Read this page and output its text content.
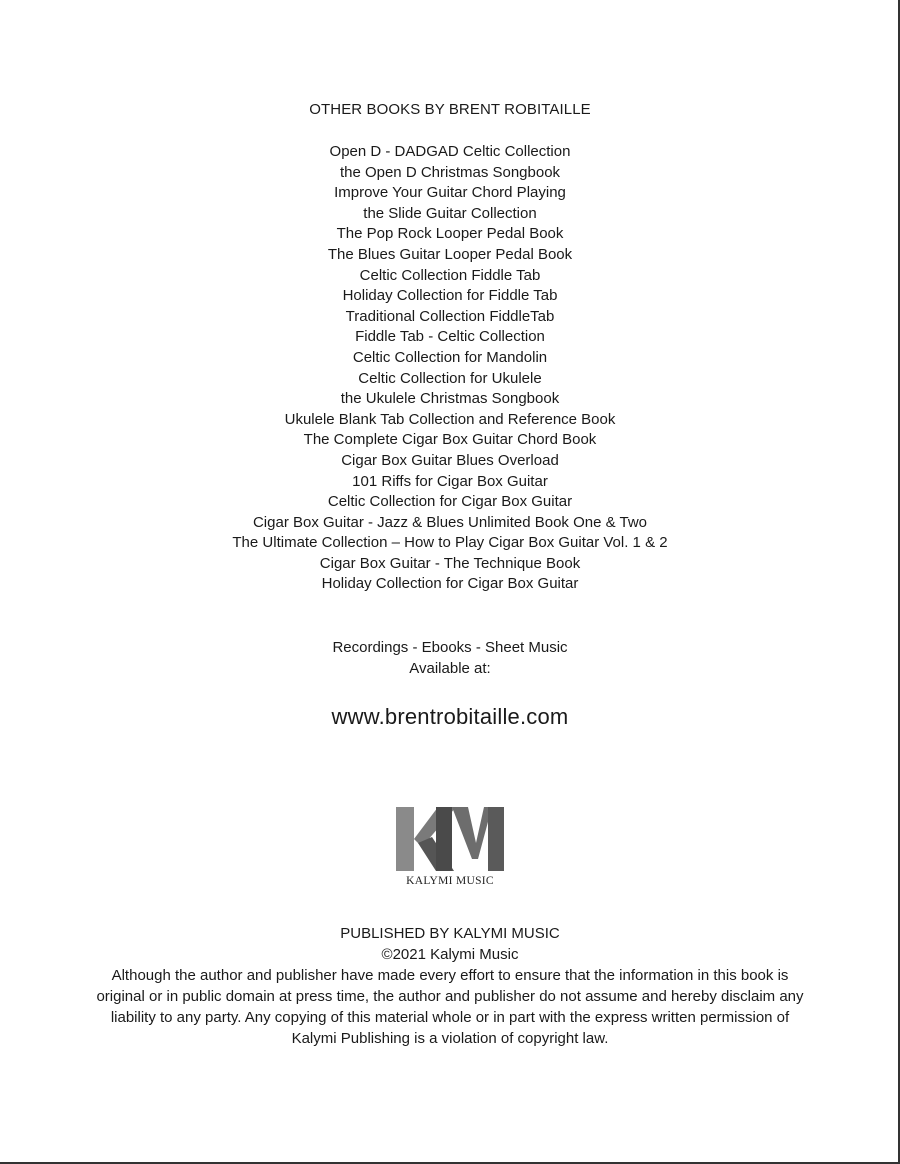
OTHER BOOKS BY BRENT ROBITAILLE
Open D - DADGAD Celtic Collection
the Open D Christmas Songbook
Improve Your Guitar Chord Playing
the Slide Guitar Collection
The Pop Rock Looper Pedal Book
The Blues Guitar Looper Pedal Book
Celtic Collection Fiddle Tab
Holiday Collection for Fiddle Tab
Traditional Collection FiddleTab
Fiddle Tab - Celtic Collection
Celtic Collection for Mandolin
Celtic Collection for Ukulele
the Ukulele Christmas Songbook
Ukulele Blank Tab Collection and Reference Book
The Complete Cigar Box Guitar Chord Book
Cigar Box Guitar Blues Overload
101 Riffs for Cigar Box Guitar
Celtic Collection for Cigar Box Guitar
Cigar Box Guitar - Jazz & Blues Unlimited Book One & Two
The Ultimate Collection – How to Play Cigar Box Guitar Vol. 1 & 2
Cigar Box Guitar - The Technique Book
Holiday Collection for Cigar Box Guitar
Recordings - Ebooks - Sheet Music
Available at:
www.brentrobitaille.com
KALYMI MUSIC
PUBLISHED BY KALYMI MUSIC
©2021 Kalymi Music

Although the author and publisher have made every effort to ensure that the information in this book is original or in public domain at press time, the author and publisher do not assume and hereby disclaim any liability to any party. Any copying of this material whole or in part with the express written permission of Kalymi Publishing is a violation of copyright law.
